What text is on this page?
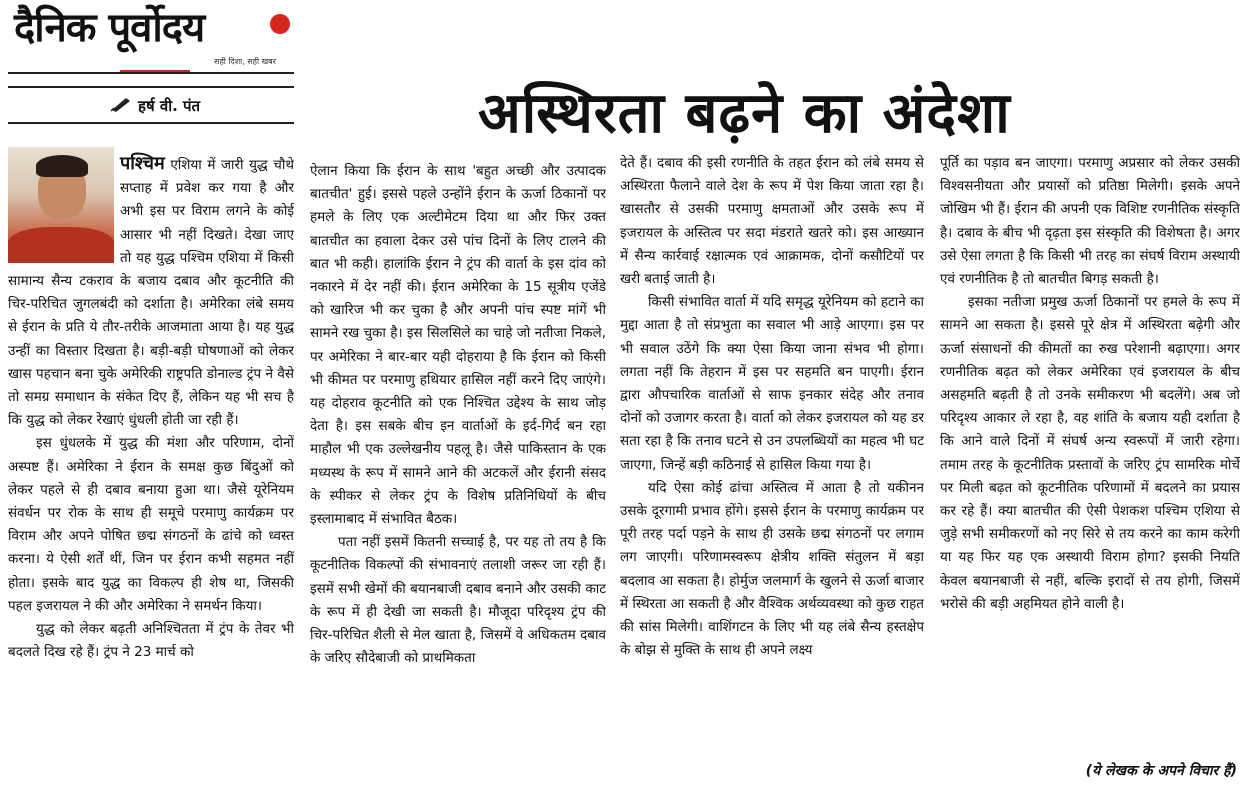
दैनिक पूर्वोदय
सही दिशा, सही खबर
हर्ष वी. पंत	अस्थिरता बढ़ने का अंदेशा

पश्चिम एशिया में जारी युद्ध चौथे सप्ताह में प्रवेश कर गया है और अभी इस पर विराम लगने के कोई आसार भी नहीं दिखते। देखा जाए तो यह युद्ध पश्चिम एशिया में किसी सामान्य सैन्य टकराव के बजाय दबाव और कूटनीति की चिर-परिचित जुगलबंदी को दर्शाता है। अमेरिका लंबे समय से ईरान के प्रति ये तौर-तरीके आजमाता आया है। यह युद्ध उन्हीं का विस्तार दिखता है। बड़ी-बड़ी घोषणाओं को लेकर खास पहचान बना चुके अमेरिकी राष्ट्रपति डोनाल्ड ट्रंप ने वैसे तो समग्र समाधान के संकेत दिए हैं, लेकिन यह भी सच है कि युद्ध को लेकर रेखाएं धुंधली होती जा रही हैं।

इस धुंधलके में युद्ध की मंशा और परिणाम, दोनों अस्पष्ट हैं। अमेरिका ने ईरान के समक्ष कुछ बिंदुओं को लेकर पहले से ही दबाव बनाया हुआ था। जैसे यूरेनियम संवर्धन पर रोक के साथ ही समूचे परमाणु कार्यक्रम पर विराम और अपने पोषित छद्म संगठनों के ढांचे को ध्वस्त करना। ये ऐसी शर्तें थीं, जिन पर ईरान कभी सहमत नहीं होता। इसके बाद युद्ध का विकल्प ही शेष था, जिसकी पहल इजरायल ने की और अमेरिका ने समर्थन किया।

युद्ध को लेकर बढ़ती अनिश्चितता में ट्रंप के तेवर भी बदलते दिख रहे हैं। ट्रंप ने 23 मार्च को

ऐलान किया कि ईरान के साथ 'बहुत अच्छी और उत्पादक बातचीत' हुई। इससे पहले उन्होंने ईरान के ऊर्जा ठिकानों पर हमले के लिए एक अल्टीमेटम दिया था और फिर उक्त बातचीत का हवाला देकर उसे पांच दिनों के लिए टालने की बात भी कही। हालांकि ईरान ने ट्रंप की वार्ता के इस दांव को नकारने में देर नहीं की। ईरान अमेरिका के 15 सूत्रीय एजेंडे को खारिज भी कर चुका है और अपनी पांच स्पष्ट मांगें भी सामने रख चुका है। इस सिलसिले का चाहे जो नतीजा निकले, पर अमेरिका ने बार-बार यही दोहराया है कि ईरान को किसी भी कीमत पर परमाणु हथियार हासिल नहीं करने दिए जाएंगे। यह दोहराव कूटनीति को एक निश्चित उद्देश्य के साथ जोड़ देता है। इस सबके बीच इन वार्ताओं के इर्द-गिर्द बन रहा माहौल भी एक उल्लेखनीय पहलू है। जैसे पाकिस्तान के एक मध्यस्थ के रूप में सामने आने की अटकलें और ईरानी संसद के स्पीकर से लेकर ट्रंप के विशेष प्रतिनिधियों के बीच इस्लामाबाद में संभावित बैठक।

पता नहीं इसमें कितनी सच्चाई है, पर यह तो तय है कि कूटनीतिक विकल्पों की संभावनाएं तलाशी जरूर जा रही हैं। इसमें सभी खेमों की बयानबाजी दबाव बनाने और उसकी काट के रूप में ही देखी जा सकती है। मौजूदा परिदृश्य ट्रंप की चिर-परिचित शैली से मेल खाता है, जिसमें वे अधिकतम दबाव के जरिए सौदेबाजी को प्राथमिकता

देते हैं। दबाव की इसी रणनीति के तहत ईरान को लंबे समय से अस्थिरता फैलाने वाले देश के रूप में पेश किया जाता रहा है। खासतौर से उसकी परमाणु क्षमताओं और उसके रूप में इजरायल के अस्तित्व पर सदा मंडराते खतरे को। इस आख्यान में सैन्य कार्रवाई रक्षात्मक एवं आक्रामक, दोनों कसौटियों पर खरी बताई जाती है।

किसी संभावित वार्ता में यदि समृद्ध यूरेनियम को हटाने का मुद्दा आता है तो संप्रभुता का सवाल भी आड़े आएगा। इस पर भी सवाल उठेंगे कि क्या ऐसा किया जाना संभव भी होगा। लगता नहीं कि तेहरान में इस पर सहमति बन पाएगी। ईरान द्वारा औपचारिक वार्ताओं से साफ इनकार संदेह और तनाव दोनों को उजागर करता है। वार्ता को लेकर इजरायल को यह डर सता रहा है कि तनाव घटने से उन उपलब्धियों का महत्व भी घट जाएगा, जिन्हें बड़ी कठिनाई से हासिल किया गया है।

यदि ऐसा कोई ढांचा अस्तित्व में आता है तो यकीनन उसके दूरगामी प्रभाव होंगे। इससे ईरान के परमाणु कार्यक्रम पर पूरी तरह पर्दा पड़ने के साथ ही उसके छद्म संगठनों पर लगाम लग जाएगी। परिणामस्वरूप क्षेत्रीय शक्ति संतुलन में बड़ा बदलाव आ सकता है। होर्मुज जलमार्ग के खुलने से ऊर्जा बाजार में स्थिरता आ सकती है और वैश्विक अर्थव्यवस्था को कुछ राहत की सांस मिलेगी। वाशिंगटन के लिए भी यह लंबे सैन्य हस्तक्षेप के बोझ से मुक्ति के साथ ही अपने लक्ष्य

पूर्ति का पड़ाव बन जाएगा। परमाणु अप्रसार को लेकर उसकी विश्वसनीयता और प्रयासों को प्रतिष्ठा मिलेगी। इसके अपने जोखिम भी हैं। ईरान की अपनी एक विशिष्ट रणनीतिक संस्कृति है। दबाव के बीच भी दृढ़ता इस संस्कृति की विशेषता है। अगर उसे ऐसा लगता है कि किसी भी तरह का संघर्ष विराम अस्थायी एवं रणनीतिक है तो बातचीत बिगड़ सकती है।

इसका नतीजा प्रमुख ऊर्जा ठिकानों पर हमले के रूप में सामने आ सकता है। इससे पूरे क्षेत्र में अस्थिरता बढ़ेगी और ऊर्जा संसाधनों की कीमतों का रुख परेशानी बढ़ाएगा। अगर रणनीतिक बढ़त को लेकर अमेरिका एवं इजरायल के बीच असहमति बढ़ती है तो उनके समीकरण भी बदलेंगे। अब जो परिदृश्य आकार ले रहा है, वह शांति के बजाय यही दर्शाता है कि आने वाले दिनों में संघर्ष अन्य स्वरूपों में जारी रहेगा। तमाम तरह के कूटनीतिक प्रस्तावों के जरिए ट्रंप सामरिक मोर्चे पर मिली बढ़त को कूटनीतिक परिणामों में बदलने का प्रयास कर रहे हैं। क्या बातचीत की ऐसी पेशकश पश्चिम एशिया से जुड़े सभी समीकरणों को नए सिरे से तय करने का काम करेगी या यह फिर यह एक अस्थायी विराम होगा? इसकी नियति केवल बयानबाजी से नहीं, बल्कि इरादों से तय होगी, जिसमें भरोसे की बड़ी अहमियत होने वाली है।

(ये लेखक के अपने विचार हैं)
